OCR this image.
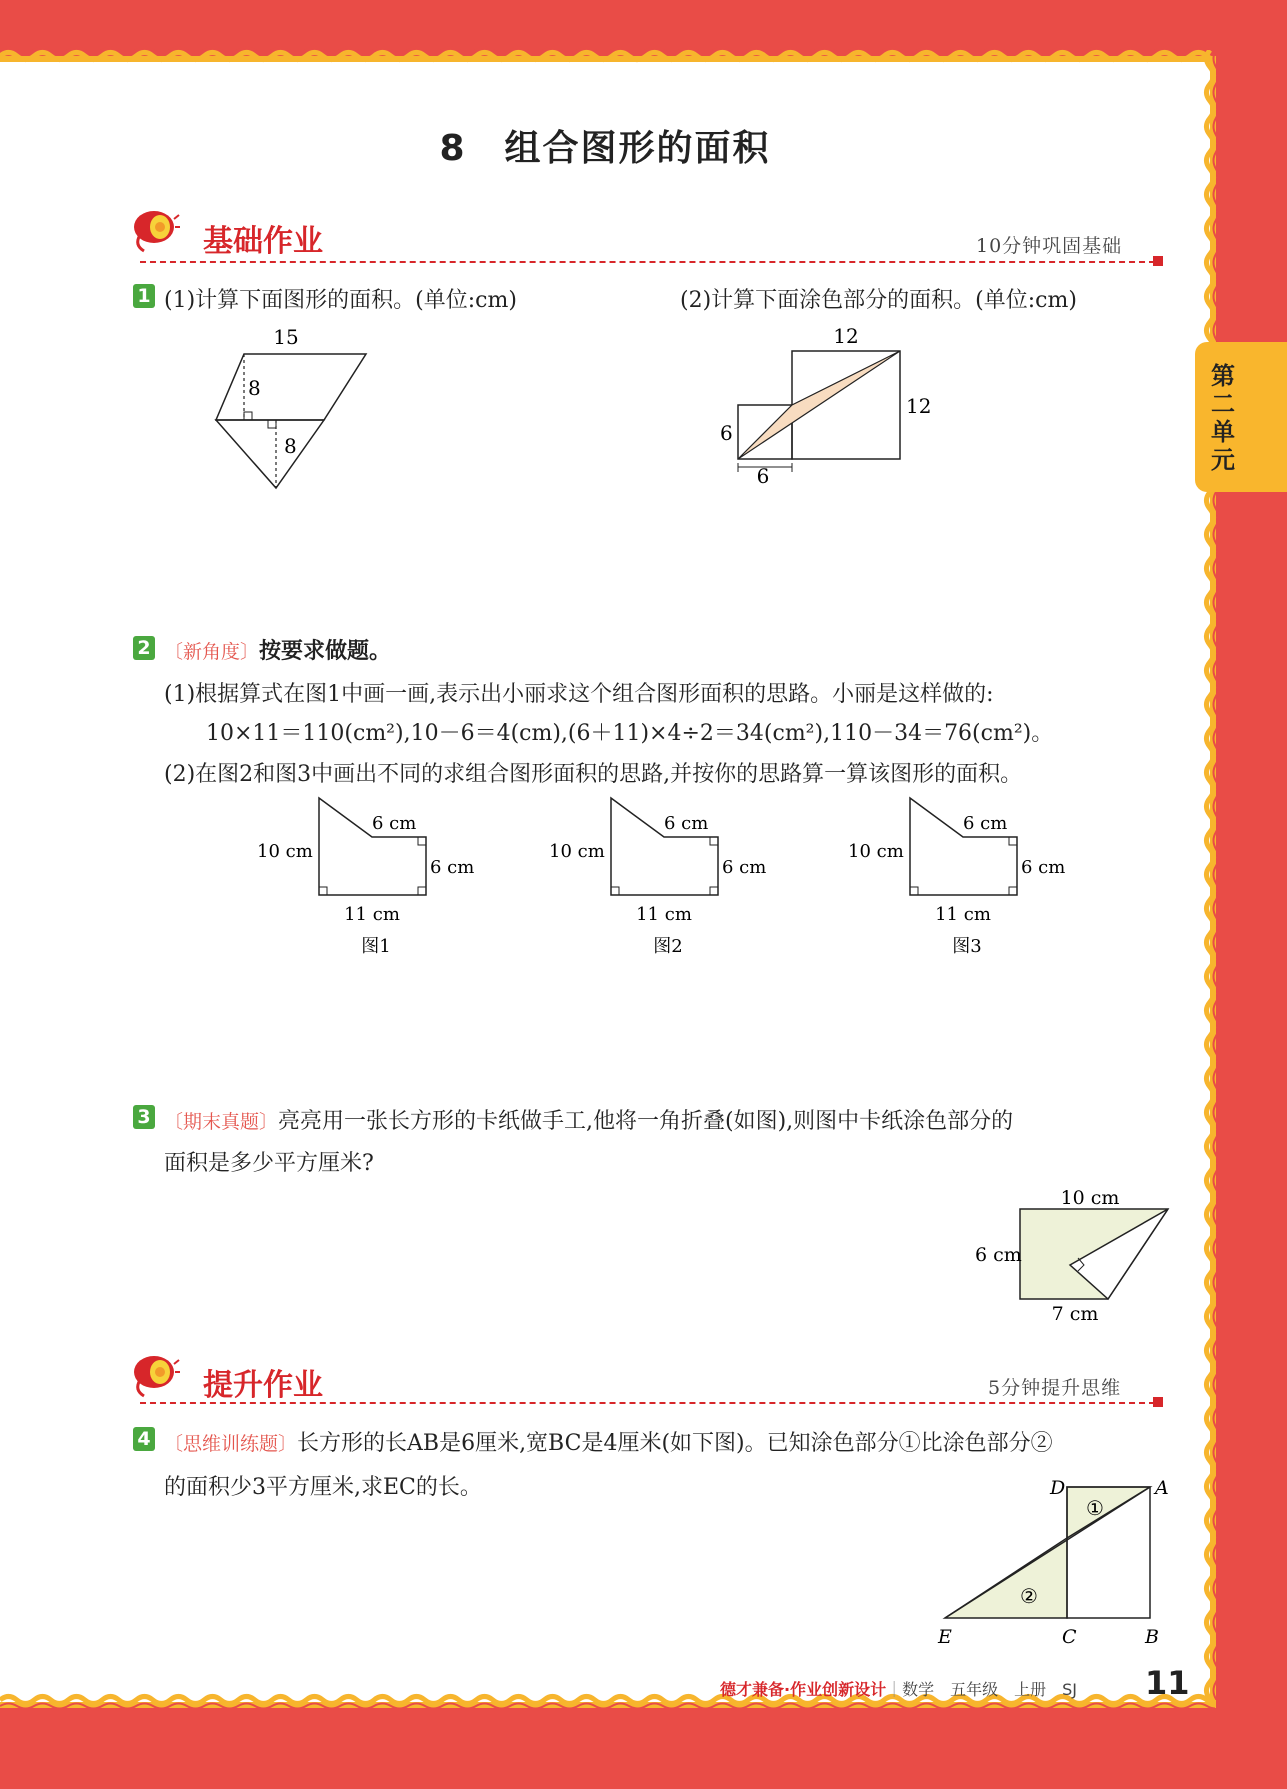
第二单元
8　组合图形的面积
基础作业	10分钟巩固基础
1 (1)计算下面图形的面积。(单位:cm)	(2)计算下面涂色部分的面积。(单位:cm)
15
8
8
12
12
6
6
2 〔新角度〕按要求做题。
(1)根据算式在图1中画一画,表示出小丽求这个组合图形面积的思路。小丽是这样做的:
10×11＝110(cm²),10－6＝4(cm),(6＋11)×4÷2＝34(cm²),110－34＝76(cm²)。
(2)在图2和图3中画出不同的求组合图形面积的思路,并按你的思路算一算该图形的面积。
10 cm
6 cm
6 cm
11 cm
图1
10 cm
6 cm
6 cm
11 cm
图2
10 cm
6 cm
6 cm
11 cm
图3
3 〔期末真题〕亮亮用一张长方形的卡纸做手工,他将一角折叠(如图),则图中卡纸涂色部分的
面积是多少平方厘米?
10 cm
6 cm
7 cm
提升作业	5分钟提升思维
4 〔思维训练题〕长方形的长AB是6厘米,宽BC是4厘米(如下图)。已知涂色部分①比涂色部分②
的面积少3平方厘米,求EC的长。	D	A
E	C	B
①
②
德才兼备·作业创新设计｜数学　五年级　上册　SJ 11
